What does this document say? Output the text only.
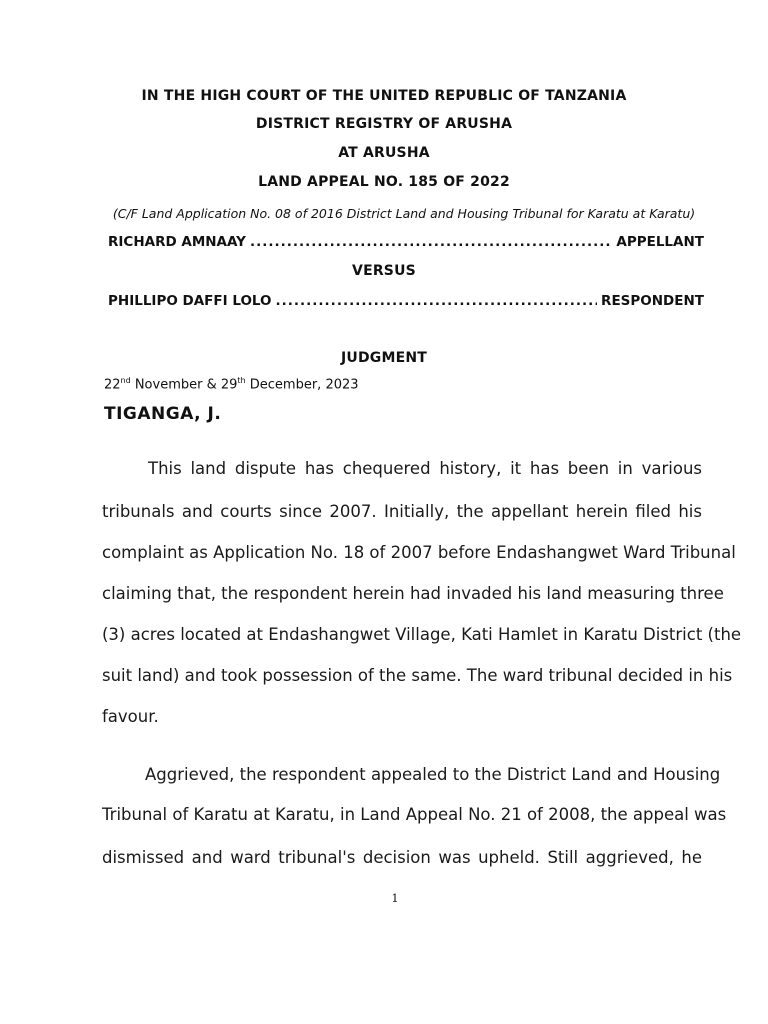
IN THE HIGH COURT OF THE UNITED REPUBLIC OF TANZANIA
DISTRICT REGISTRY OF ARUSHA
AT ARUSHA
LAND APPEAL NO. 185 OF 2022
(C/F Land Application No. 08 of 2016 District Land and Housing Tribunal for Karatu at Karatu)
RICHARD AMNAAY .....	APPELLANT
VERSUS
PHILLIPO DAFFI LOLO .....	RESPONDENT
JUDGMENT
22nd November & 29th December, 2023
TIGANGA, J.
This land dispute has chequered history, it has been in various
tribunals and courts since 2007. Initially, the appellant herein filed his
complaint as Application No. 18 of 2007 before Endashangwet Ward Tribunal
claiming that, the respondent herein had invaded his land measuring three
(3) acres located at Endashangwet Village, Kati Hamlet in Karatu District (the
suit land) and took possession of the same. The ward tribunal decided in his
favour.
Aggrieved, the respondent appealed to the District Land and Housing
Tribunal of Karatu at Karatu, in Land Appeal No. 21 of 2008, the appeal was
dismissed and ward tribunal's decision was upheld. Still aggrieved, he
1
